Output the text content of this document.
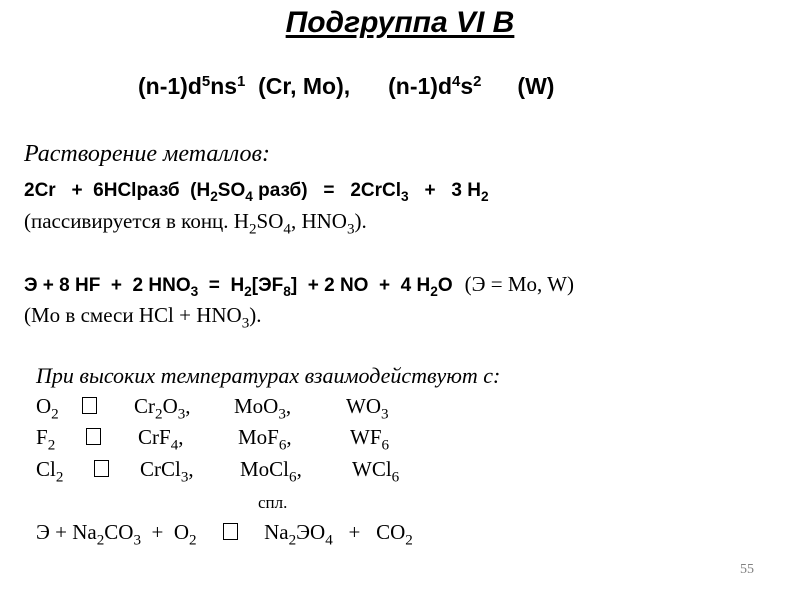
Подгруппа VI В
$(n-1)d^5ns^1$ (Cr, Mo), $(n-1)d^4s^2$ (W)
Растворение металлов:
2Cr   +  6HClразб  ($H_2SO_4$ разб)   =   2CrCl$_3$   +   3 $H_2$
(пассивируется в конц. $H_2SO_4$, $HNO_3$).
Э + 8 HF  +  2 $HNO_3 = H_2[ЭF_8] + 2$ NO  +  4 $H_2O$ (Э = Mo, W)
(Mo в смеси HCl + $HNO_3$).
При высоких температурах взаимодействуют с:
$O_2$	$Cr_2O_3$, MoO$_3$,	$WO_3$
$F_2$	CrF$_4$,	MoF$_6$,	$WF_6$
$Cl_2$	CrCl$_3$, MoCl$_6$, WCl$_6$
спл.
$Э + Na_2CO_3 + O_2$	$Na_2ЭO_4 + CO_2$
55
